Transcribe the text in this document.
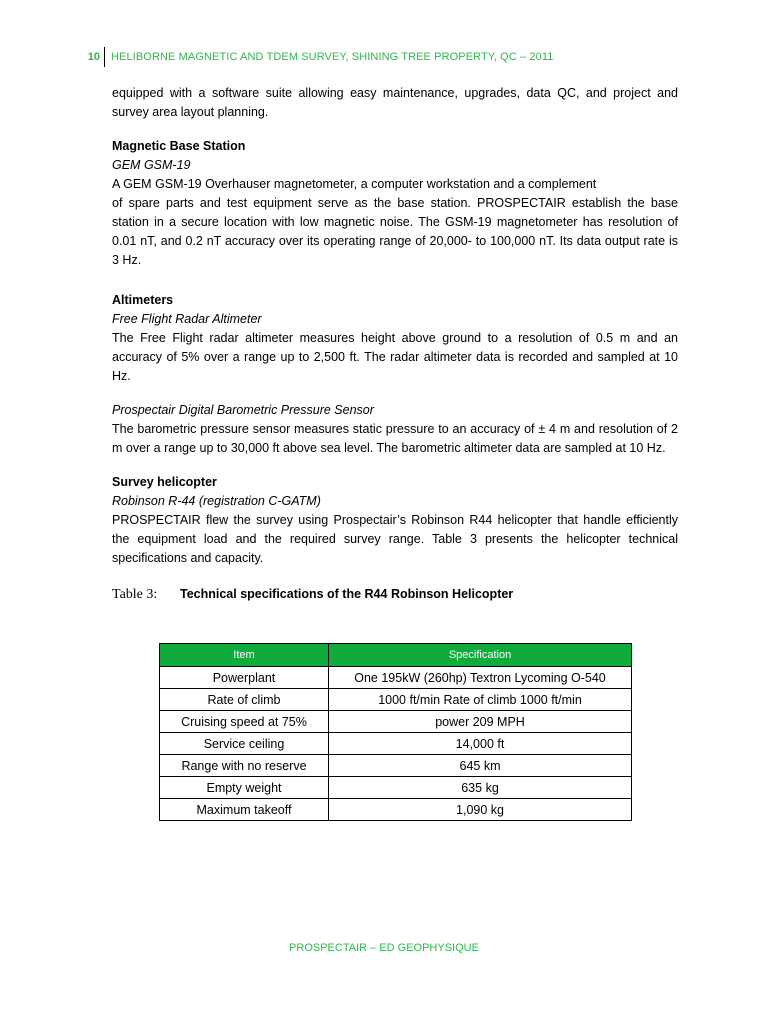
10 HELIBORNE MAGNETIC AND TDEM SURVEY, SHINING TREE PROPERTY, QC – 2011

equipped with a software suite allowing easy maintenance, upgrades, data QC, and project and survey area layout planning.

Magnetic Base Station
GEM GSM-19
A GEM GSM-19 Overhauser magnetometer, a computer workstation and a complement

of spare parts and test equipment serve as the base station. PROSPECTAIR establish the base station in a secure location with low magnetic noise. The GSM-19 magnetometer has resolution of 0.01 nT, and 0.2 nT accuracy over its operating range of 20,000- to 100,000 nT. Its data output rate is 3 Hz.

Altimeters
Free Flight Radar Altimeter

The Free Flight radar altimeter measures height above ground to a resolution of 0.5 m and an accuracy of 5% over a range up to 2,500 ft. The radar altimeter data is recorded and sampled at 10 Hz.

Prospectair Digital Barometric Pressure Sensor

The barometric pressure sensor measures static pressure to an accuracy of ± 4 m and resolution of 2 m over a range up to 30,000 ft above sea level. The barometric altimeter data are sampled at 10 Hz.

Survey helicopter
Robinson R-44 (registration C-GATM)

PROSPECTAIR flew the survey using Prospectair’s Robinson R44 helicopter that handle efficiently the equipment load and the required survey range. Table 3 presents the helicopter technical specifications and capacity.

Table 3:	Technical specifications of the R44 Robinson Helicopter
Item	Specification
Powerplant	One 195kW (260hp) Textron Lycoming O-540
Rate of climb	1000 ft/min Rate of climb 1000 ft/min
Cruising speed at 75%	power 209 MPH
Service ceiling	14,000 ft
Range with no reserve	645 km
Empty weight	635 kg
Maximum takeoff	1,090 kg
PROSPECTAIR – ED GEOPHYSIQUE
